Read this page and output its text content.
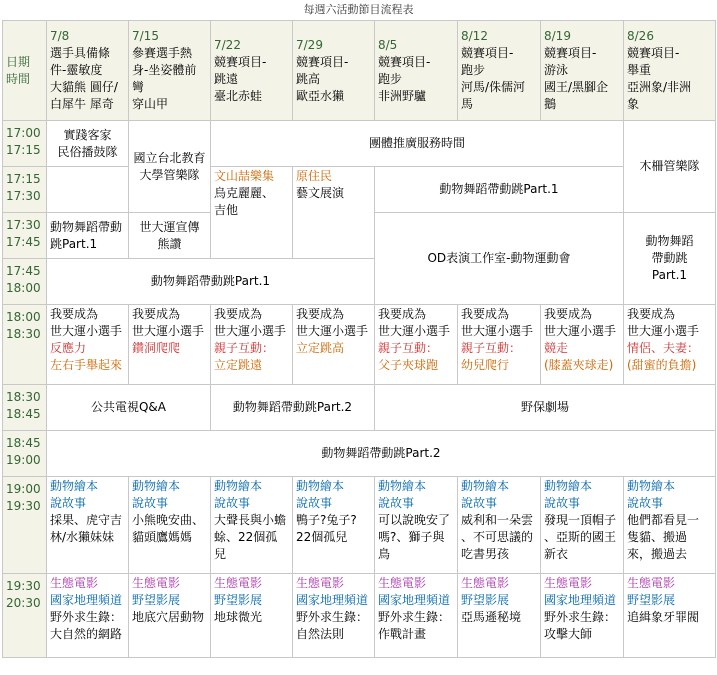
每週六活動節目流程表
日期
時間	7/8
選手具備條
件-靈敏度
大貓熊 圓仔/
白犀牛 犀奇	7/15
參賽選手熱
身-坐姿體前
彎
穿山甲	7/22
競賽項目-
跳遠
臺北赤蛙	7/29
競賽項目-
跳高
歐亞水獺	8/5
競賽項目-
跑步
非洲野驢	8/12
競賽項目-
跑步
河馬/侏儒河
馬	8/19
競賽項目-
游泳
國王/黑腳企
鵝	8/26
競賽項目-
舉重
亞洲象/非洲
象

17:00
17:15	實踐客家
民俗播鼓隊	國立台北教育
大學管樂隊	團體推廣服務時間					木柵管樂隊

17:15
17:30			文山喆樂集
烏克麗麗、
吉他	原住民
藝文展演	動物舞蹈帶動跳Part.1			

17:30
17:45	動物舞蹈帶動
跳Part.1	世大運宣傳
熊讚			OD表演工作室-動物運動會			動物舞蹈
帶動跳
Part.1

17:45
18:00	動物舞蹈帶動跳Part.1							

18:00
18:30	我要成為
世大運小選手
反應力
左右手舉起來	我要成為
世大運小選手
鑽洞爬爬	我要成為
世大運小選手
親子互動：
立定跳遠	我要成為
世大運小選手
立定跳高	我要成為
世大運小選手
親子互動：
父子夾球跑	我要成為
世大運小選手
親子互動：
幼兒爬行	我要成為
世大運小選手
競走
(膝蓋夾球走)	我要成為
世大運小選手
情侶、夫妻：
(甜蜜的負擔)

18:30
18:45	公共電視Q&A		動物舞蹈帶動跳Part.2		野保劇場			

18:45
19:00	動物舞蹈帶動跳Part.2							

19:00
19:30	動物繪本
說故事
採果、虎守吉
林/水獺妹妹	動物繪本
說故事
小熊晚安曲、
貓頭鷹媽媽	動物繪本
說故事
大聲長與小蟾
蜍、22個孤
兒	動物繪本
說故事
鴨子?兔子?
22個孤兒	動物繪本
說故事
可以說晚安了
嗎?、獅子與
鳥	動物繪本
說故事
威利和一朵雲
、不可思議的
吃書男孩	動物繪本
說故事
發現一頂帽子
、亞斯的國王
新衣	動物繪本
說故事
他們都看見一
隻貓、搬過
來，搬過去

19:30
20:30	生態電影
國家地理頻道
野外求生錄：
大自然的網路	生態電影
野望影展
地底穴居動物	生態電影
野望影展
地球微光	生態電影
國家地理頻道
野外求生錄：
自然法則	生態電影
國家地理頻道
野外求生錄：
作戰計畫	生態電影
野望影展
亞馬遜秘境	生態電影
國家地理頻道
野外求生錄：
攻擊大師	生態電影
野望影展
追緝象牙罪閥
